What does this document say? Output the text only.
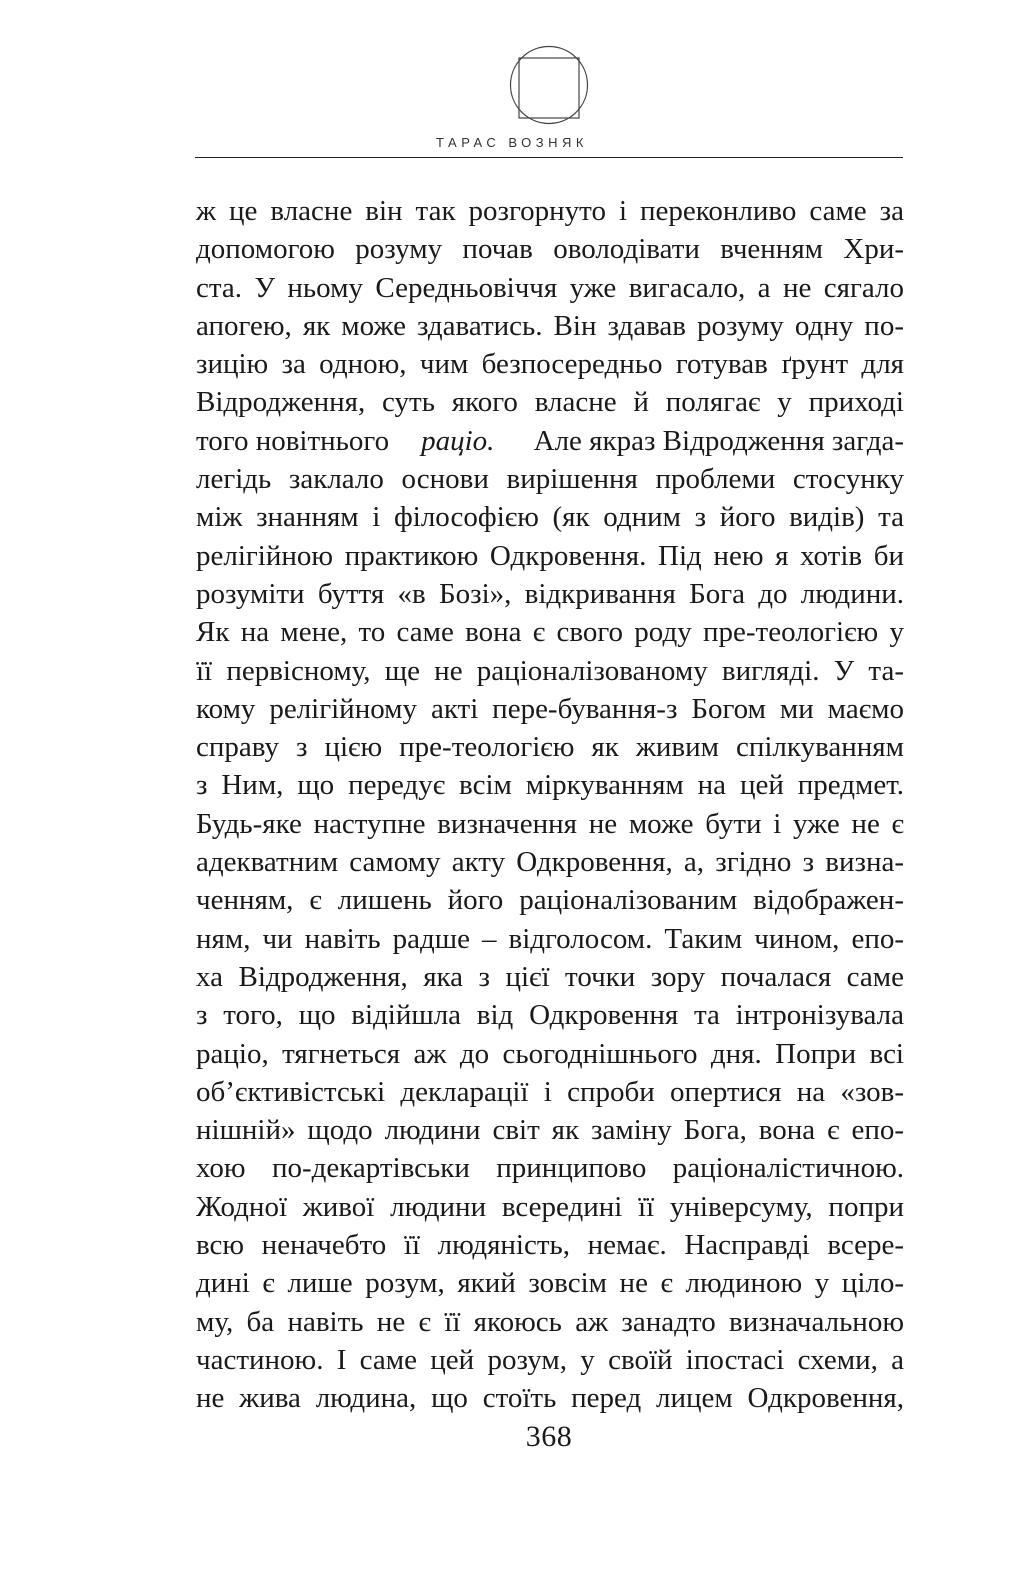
ТАРАС ВОЗНЯК
ж це власне він так розгорнуто і переконливо саме за
допомогою розуму почав оволодівати вченням Хри-
ста. У ньому Середньовіччя уже вигасало, а не сягало
апогею, як може здаватись. Він здавав розуму одну по-
зицію за одною, чим безпосередньо готував ґрунт для
Відродження, суть якого власне й полягає у приході
того новітнього раціо. Але якраз Відродження загда-
легідь заклало основи вирішення проблеми стосунку
між знанням і філософією (як одним з його видів) та
релігійною практикою Одкровення. Під нею я хотів би
розуміти буття «в Бозі», відкривання Бога до людини.
Як на мене, то саме вона є свого роду пре-теологією у
її первісному, ще не раціоналізованому вигляді. У та-
кому релігійному акті пере-бування-з Богом ми маємо
справу з цією пре-теологією як живим спілкуванням
з Ним, що передує всім міркуванням на цей предмет.
Будь-яке наступне визначення не може бути і уже не є
адекватним самому акту Одкровення, а, згідно з визна-
ченням, є лишень його раціоналізованим відображен-
ням, чи навіть радше – відголосом. Таким чином, епо-
ха Відродження, яка з цієї точки зору почалася саме
з того, що відійшла від Одкровення та інтронізувала
раціо, тягнеться аж до сьогоднішнього дня. Попри всі
об’єктивістські декларації і спроби опертися на «зов-
нішній» щодо людини світ як заміну Бога, вона є епо-
хою по-декартівськи принципово раціоналістичною.
Жодної живої людини всередині її універсуму, попри
всю неначебто її людяність, немає. Насправді всере-
дині є лише розум, який зовсім не є людиною у ціло-
му, ба навіть не є її якоюсь аж занадто визначальною
частиною. І саме цей розум, у своїй іпостасі схеми, а
не жива людина, що стоїть перед лицем Одкровення,
368
